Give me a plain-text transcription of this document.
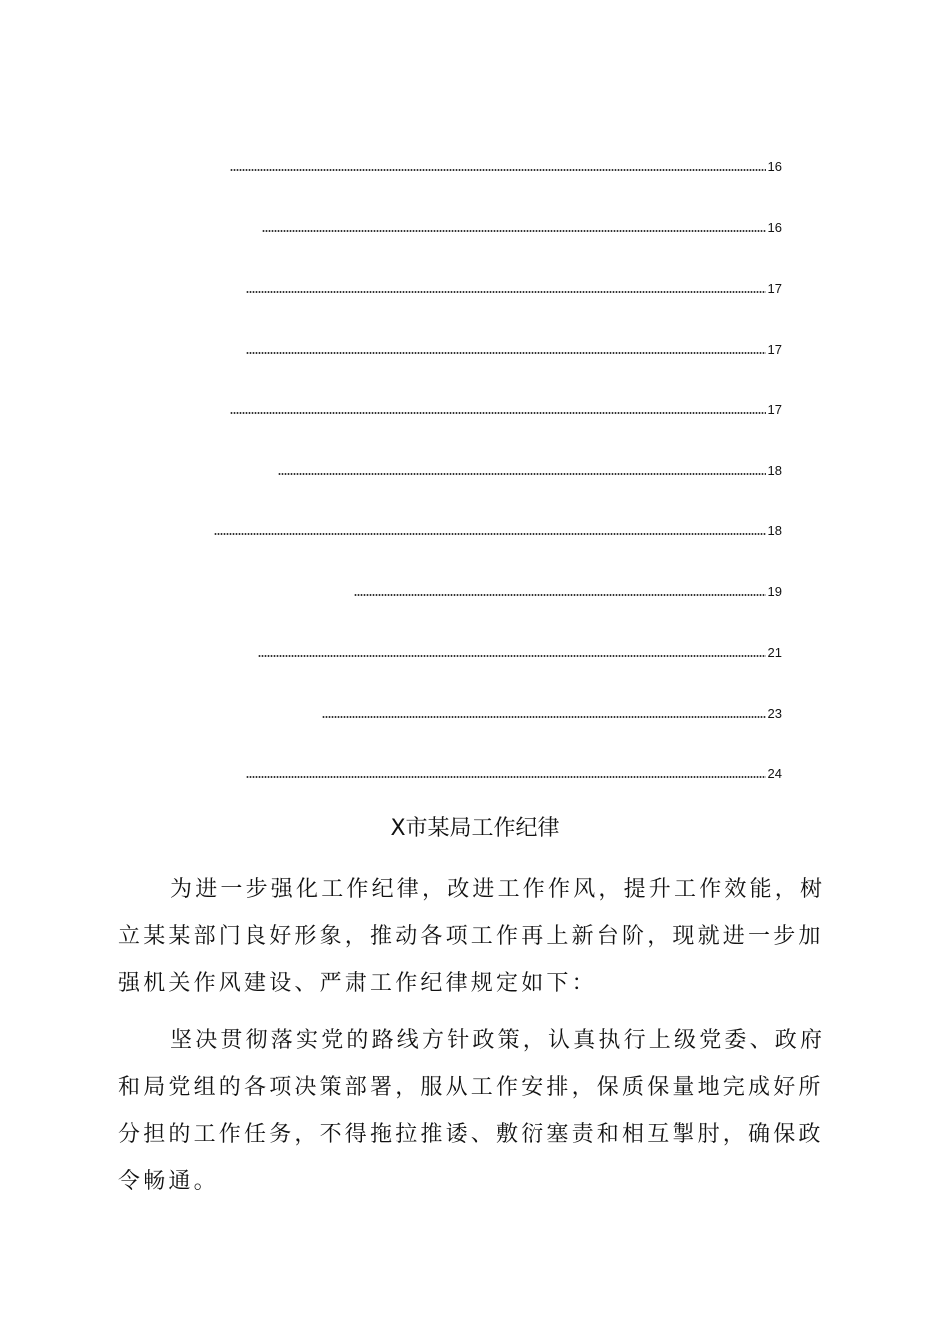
16
16
17
17
17
18
18
19
21
23
24
X市某局工作纪律

为进一步强化工作纪律，改进工作作风，提升工作效能，树立某某部门良好形象，推动各项工作再上新台阶，现就进一步加强机关作风建设、严肃工作纪律规定如下：

坚决贯彻落实党的路线方针政策，认真执行上级党委、政府和局党组的各项决策部署，服从工作安排，保质保量地完成好所分担的工作任务，不得拖拉推诿、敷衍塞责和相互掣肘，确保政令畅通。
